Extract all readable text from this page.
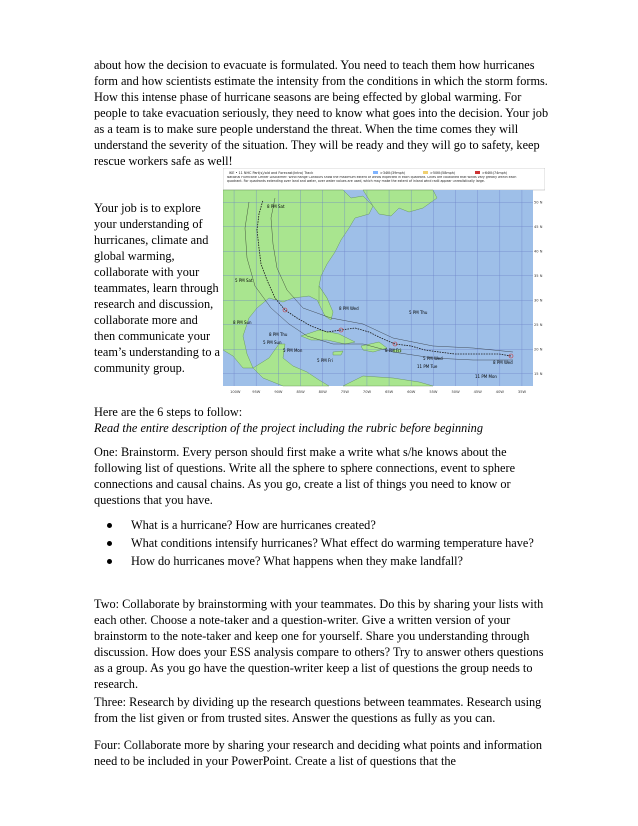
about how the decision to evacuate is formulated. You need to teach them how hurricanes form and how scientists estimate the intensity from the conditions in which the storm forms. How this intense phase of hurricane seasons are being effected by global warming. For people to take evacuation seriously, they need to know what goes into the decision. Your job as a team is to make sure people understand the threat. When the time comes they will understand the severity of the situation. They will be ready and they will go to safety, keep rescue workers safe as well!

Your job is to explore your understanding of hurricanes, climate and global warming, collaborate with your teammates, learn through research and discussion, collaborate more and then communicate your team’s understanding to a community group.

IKE • 11 NHC Part(s)/old and Forecast(Intro) Track	>34Kt(39mph)	>50Kt(58mph)	>64Kt(74mph)
National Hurricane Center Disclaimer: Wind Range Contours show the maximum extent of winds expected in each quadrant. Cities are cautioned that winds vary greatly within each quadrant. For quadrants extending over land and water, over water values are used, which may make the extent of inland wind radii appear unrealistically large.
50 N
45 N
40 N
35 N
30 N
25 N
20 N
15 N
100W	95W	90W	85W	80W	75W	70W	65W	60W	55W	50W	45W	40W	35W
8 PM Sat
5 PM Sat
8 PM Wed
8 PM Sun
5 PM Thu
8 PM Thu
5 PM Sun
5 PM Mon	8 PM Fri
5 PM Fri	5 PM Wed
11 PM Tue
11 PM Mon
8 PM Wed

Here are the 6 steps to follow:
Read the entire description of the project including the rubric before beginning

One: Brainstorm. Every person should first make a write what s/he knows about the following list of questions. Write all the sphere to sphere connections, event to sphere connections and causal chains. As you go, create a list of things you need to know or questions that you have.

What is a hurricane? How are hurricanes created?
What conditions intensify hurricanes? What effect do warming temperature have?
How do hurricanes move? What happens when they make landfall?

Two: Collaborate by brainstorming with your teammates. Do this by sharing your lists with each other. Choose a note-taker and a question-writer. Give a written version of your brainstorm to the note-taker and keep one for yourself. Share you understanding through discussion. How does your ESS analysis compare to others? Try to answer others questions as a group. As you go have the question-writer keep a list of questions the group needs to research.

Three: Research by dividing up the research questions between teammates. Research using from the list given or from trusted sites. Answer the questions as fully as you can.

Four: Collaborate more by sharing your research and deciding what points and information need to be included in your PowerPoint. Create a list of questions that the
